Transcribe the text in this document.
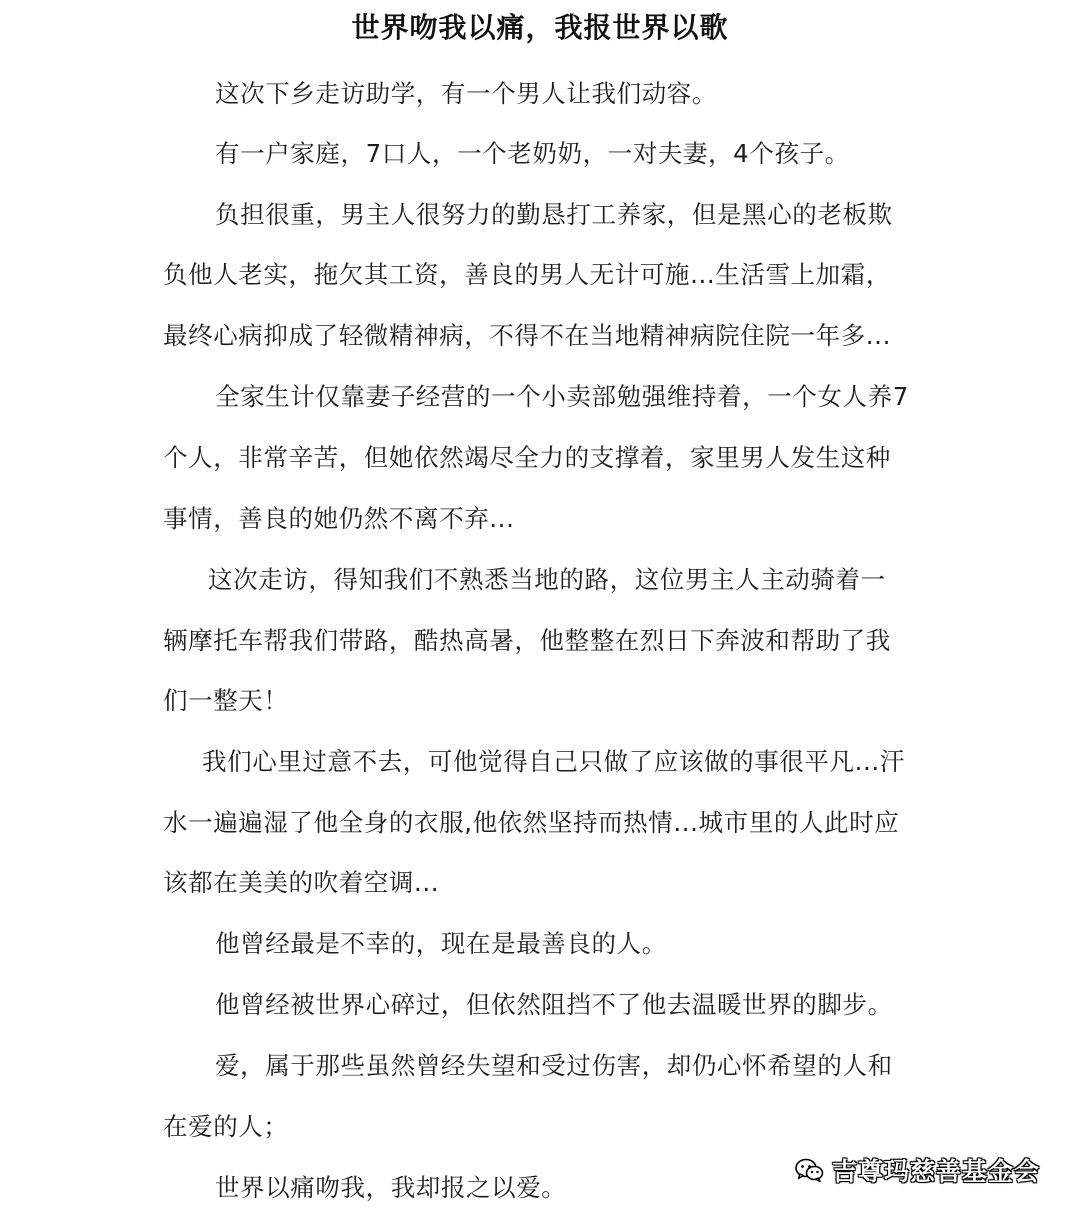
世界吻我以痛，我报世界以歌
这次下乡走访助学，有一个男人让我们动容。
有一户家庭，7口人，一个老奶奶，一对夫妻，4个孩子。
负担很重，男主人很努力的勤恳打工养家，但是黑心的老板欺
负他人老实，拖欠其工资，善良的男人无计可施...生活雪上加霜，
最终心病抑成了轻微精神病，不得不在当地精神病院住院一年多...
全家生计仅靠妻子经营的一个小卖部勉强维持着，一个女人养7
个人，非常辛苦，但她依然竭尽全力的支撑着，家里男人发生这种
事情，善良的她仍然不离不弃...
这次走访，得知我们不熟悉当地的路，这位男主人主动骑着一
辆摩托车帮我们带路，酷热高暑，他整整在烈日下奔波和帮助了我
们一整天！
我们心里过意不去，可他觉得自己只做了应该做的事很平凡...汗
水一遍遍湿了他全身的衣服,他依然坚持而热情...城市里的人此时应
该都在美美的吹着空调...
他曾经最是不幸的，现在是最善良的人。
他曾经被世界心碎过，但依然阻挡不了他去温暖世界的脚步。
爱，属于那些虽然曾经失望和受过伤害，却仍心怀希望的人和
在爱的人；
世界以痛吻我，我却报之以爱。
吉尊玛慈善基金会
